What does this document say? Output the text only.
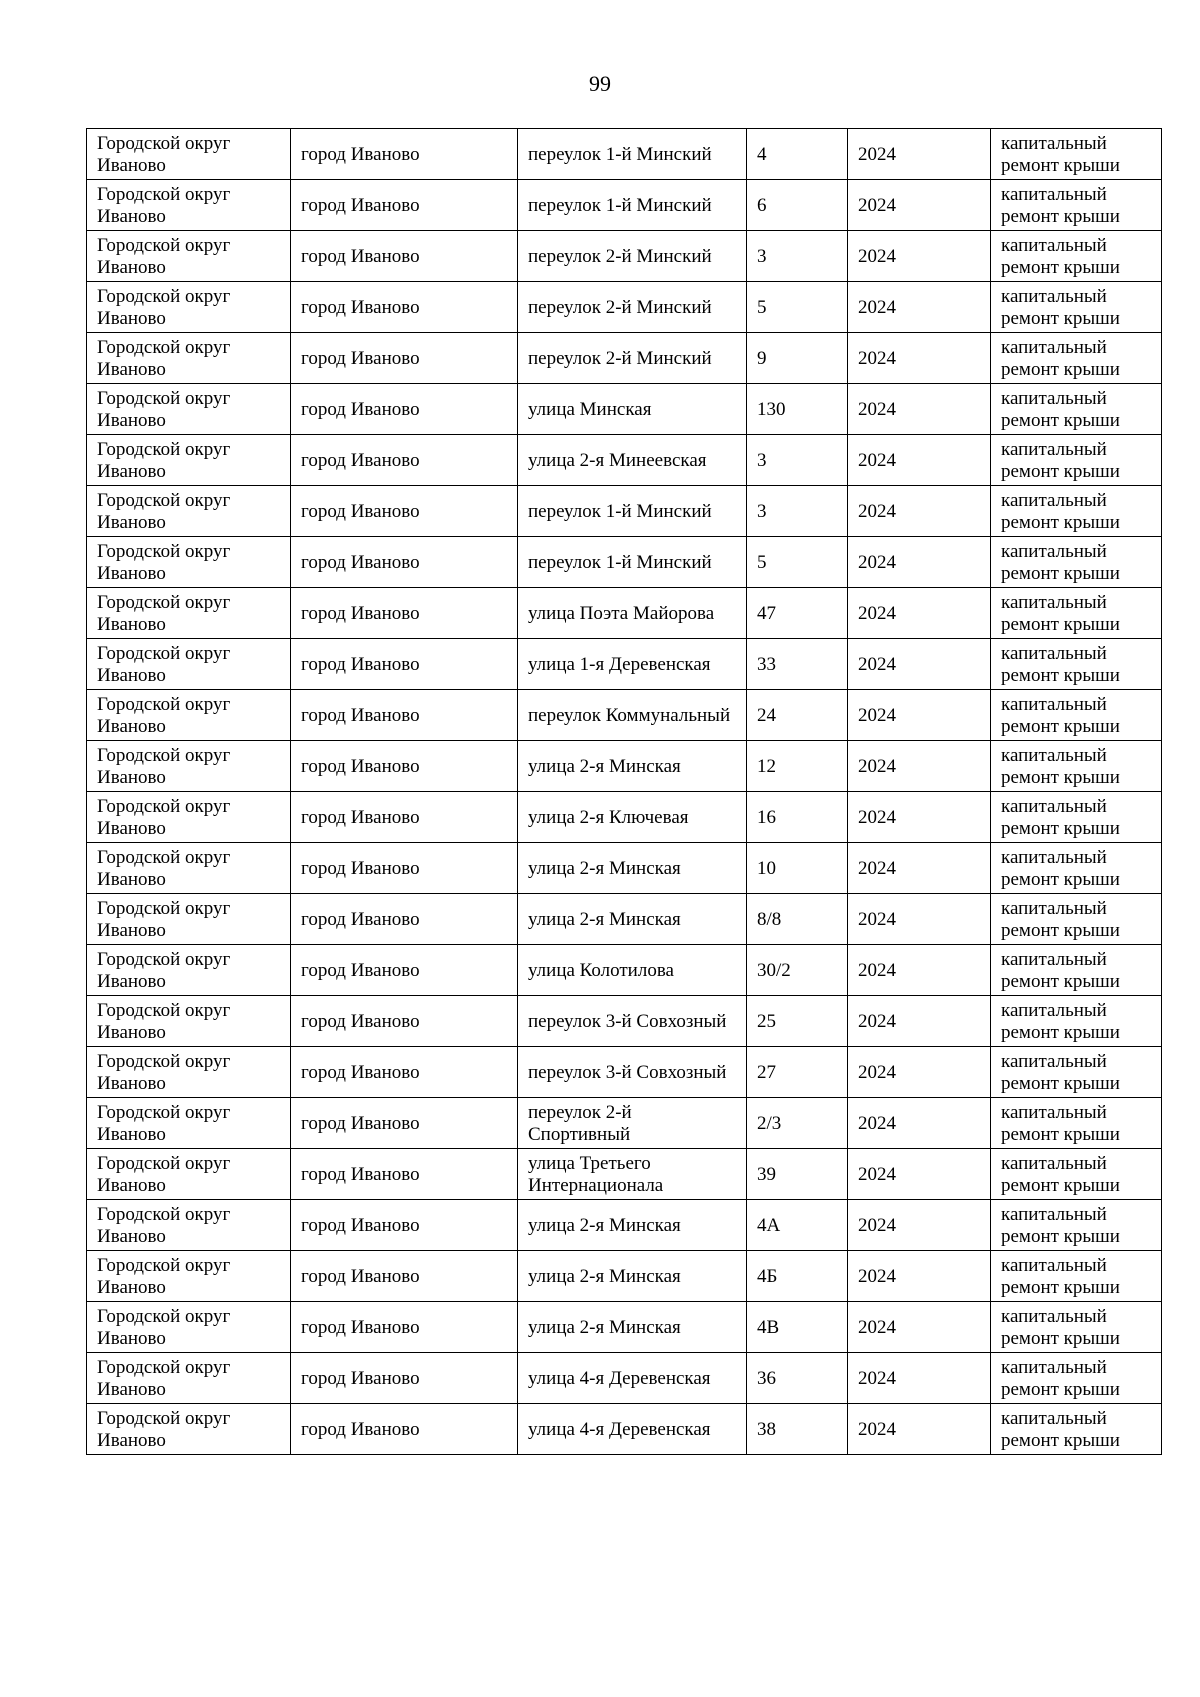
99
Городской округ Иваново	город Иваново	переулок 1-й Минский	4	2024	капитальный ремонт крыши
Городской округ Иваново	город Иваново	переулок 1-й Минский	6	2024	капитальный ремонт крыши
Городской округ Иваново	город Иваново	переулок 2-й Минский	3	2024	капитальный ремонт крыши
Городской округ Иваново	город Иваново	переулок 2-й Минский	5	2024	капитальный ремонт крыши
Городской округ Иваново	город Иваново	переулок 2-й Минский	9	2024	капитальный ремонт крыши
Городской округ Иваново	город Иваново	улица Минская	130	2024	капитальный ремонт крыши
Городской округ Иваново	город Иваново	улица 2-я Минеевская	3	2024	капитальный ремонт крыши
Городской округ Иваново	город Иваново	переулок 1-й Минский	3	2024	капитальный ремонт крыши
Городской округ Иваново	город Иваново	переулок 1-й Минский	5	2024	капитальный ремонт крыши
Городской округ Иваново	город Иваново	улица Поэта Майорова	47	2024	капитальный ремонт крыши
Городской округ Иваново	город Иваново	улица 1-я Деревенская	33	2024	капитальный ремонт крыши
Городской округ Иваново	город Иваново	переулок Коммунальный	24	2024	капитальный ремонт крыши
Городской округ Иваново	город Иваново	улица 2-я Минская	12	2024	капитальный ремонт крыши
Городской округ Иваново	город Иваново	улица 2-я Ключевая	16	2024	капитальный ремонт крыши
Городской округ Иваново	город Иваново	улица 2-я Минская	10	2024	капитальный ремонт крыши
Городской округ Иваново	город Иваново	улица 2-я Минская	8/8	2024	капитальный ремонт крыши
Городской округ Иваново	город Иваново	улица Колотилова	30/2	2024	капитальный ремонт крыши
Городской округ Иваново	город Иваново	переулок 3-й Совхозный	25	2024	капитальный ремонт крыши
Городской округ Иваново	город Иваново	переулок 3-й Совхозный	27	2024	капитальный ремонт крыши
Городской округ Иваново	город Иваново	переулок 2-й Спортивный	2/3	2024	капитальный ремонт крыши
Городской округ Иваново	город Иваново	улица Третьего Интернационала	39	2024	капитальный ремонт крыши
Городской округ Иваново	город Иваново	улица 2-я Минская	4А	2024	капитальный ремонт крыши
Городской округ Иваново	город Иваново	улица 2-я Минская	4Б	2024	капитальный ремонт крыши
Городской округ Иваново	город Иваново	улица 2-я Минская	4В	2024	капитальный ремонт крыши
Городской округ Иваново	город Иваново	улица 4-я Деревенская	36	2024	капитальный ремонт крыши
Городской округ Иваново	город Иваново	улица 4-я Деревенская	38	2024	капитальный ремонт крыши
